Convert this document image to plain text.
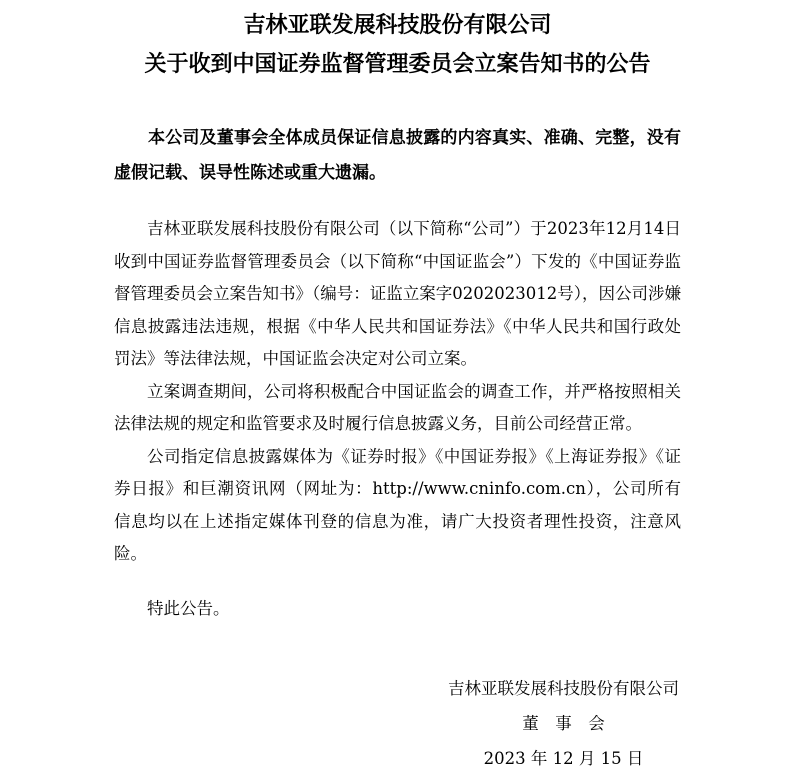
吉林亚联发展科技股份有限公司
关于收到中国证券监督管理委员会立案告知书的公告

本公司及董事会全体成员保证信息披露的内容真实、准确、完整，没有虚假记载、误导性陈述或重大遗漏。

吉林亚联发展科技股份有限公司（以下简称“公司”）于2023年12月14日收到中国证券监督管理委员会（以下简称“中国证监会”）下发的《中国证券监督管理委员会立案告知书》（编号：证监立案字0202023012号），因公司涉嫌信息披露违法违规，根据《中华人民共和国证券法》《中华人民共和国行政处罚法》等法律法规，中国证监会决定对公司立案。

立案调查期间，公司将积极配合中国证监会的调查工作，并严格按照相关法律法规的规定和监管要求及时履行信息披露义务，目前公司经营正常。

公司指定信息披露媒体为《证券时报》《中国证券报》《上海证券报》《证券日报》和巨潮资讯网（网址为：http://www.cninfo.com.cn），公司所有信息均以在上述指定媒体刊登的信息为准，请广大投资者理性投资，注意风险。

特此公告。

吉林亚联发展科技股份有限公司
董　事　会
2023 年 12 月 15 日
